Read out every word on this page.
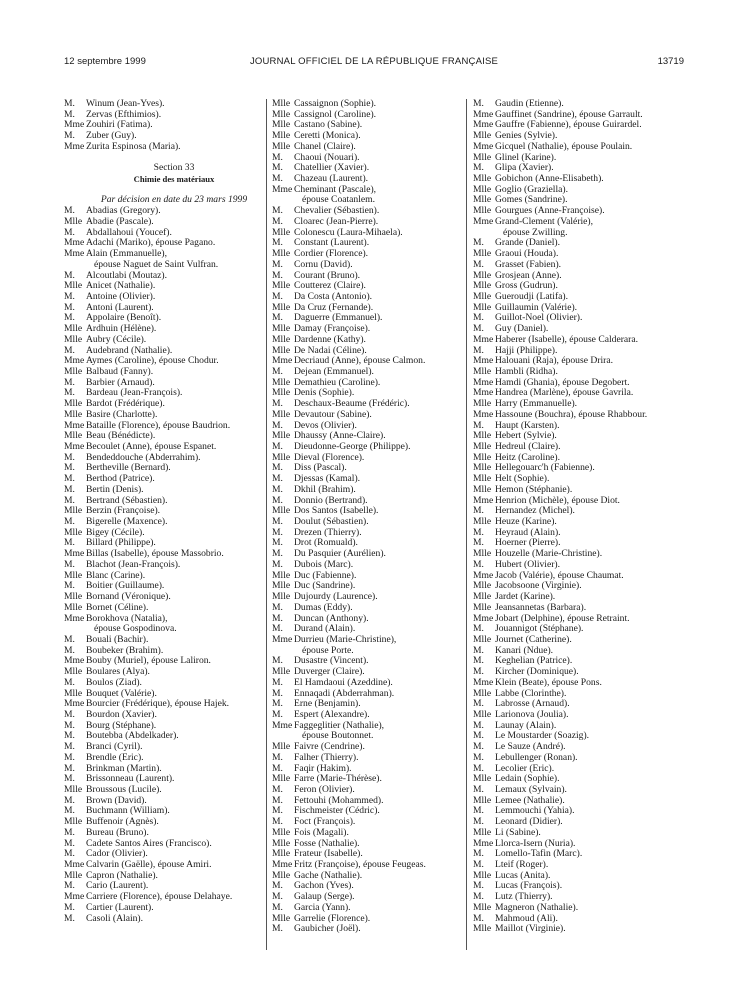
12 septembre 1999	JOURNAL OFFICIEL DE LA RÉPUBLIQUE FRANÇAISE	13719
M. Winum (Jean-Yves).
M. Zervas (Efthimios).
Mme Zouhiri (Fatima).
M. Zuber (Guy).
Mme Zurita Espinosa (Maria).
Section 33
Chimie des matériaux
Par décision en date du 23 mars 1999
M. Abadias (Gregory).
Mlle Abadie (Pascale).
M. Abdallahoui (Youcef).
Mme Adachi (Mariko), épouse Pagano.
Mme Alain (Emmanuelle),
épouse Naguet de Saint Vulfran.
M. Alcoutlabi (Moutaz).
Mlle Anicet (Nathalie).
M. Antoine (Olivier).
M. Antoni (Laurent).
M. Appolaire (Benoît).
Mlle Ardhuin (Hélène).
Mlle Aubry (Cécile).
M. Audebrand (Nathalie).
Mme Aymes (Caroline), épouse Chodur.
Mlle Balbaud (Fanny).
M. Barbier (Arnaud).
M. Bardeau (Jean-François).
Mlle Bardot (Frédérique).
Mlle Basire (Charlotte).
Mme Bataille (Florence), épouse Baudrion.
Mlle Beau (Bénédicte).
Mme Becoulet (Anne), épouse Espanet.
M. Bendeddouche (Abderrahim).
M. Bertheville (Bernard).
M. Berthod (Patrice).
M. Bertin (Denis).
M. Bertrand (Sébastien).
Mlle Berzin (Françoise).
M. Bigerelle (Maxence).
Mlle Bigey (Cécile).
M. Billard (Philippe).
Mme Billas (Isabelle), épouse Massobrio.
M. Blachot (Jean-François).
Mlle Blanc (Carine).
M. Boitier (Guillaume).
Mlle Bornand (Véronique).
Mlle Bornet (Céline).
Mme Borokhova (Natalia),
épouse Gospodinova.
M. Bouali (Bachir).
M. Boubeker (Brahim).
Mme Bouby (Muriel), épouse Laliron.
Mlle Boulares (Alya).
M. Boulos (Ziad).
Mlle Bouquet (Valérie).
Mme Bourcier (Frédérique), épouse Hajek.
M. Bourdon (Xavier).
M. Bourg (Stéphane).
M. Boutebba (Abdelkader).
M. Branci (Cyril).
M. Brendle (Eric).
M. Brinkman (Martin).
M. Brissonneau (Laurent).
Mlle Broussous (Lucile).
M. Brown (David).
M. Buchmann (William).
Mlle Buffenoir (Agnès).
M. Bureau (Bruno).
M. Cadete Santos Aires (Francisco).
M. Cador (Olivier).
Mme Calvarin (Gaëlle), épouse Amiri.
Mlle Capron (Nathalie).
M. Cario (Laurent).
Mme Carriere (Florence), épouse Delahaye.
M. Cartier (Laurent).
M. Casoli (Alain).
Mlle Cassaignon (Sophie).
Mlle Cassignol (Caroline).
Mlle Castano (Sabine).
Mlle Ceretti (Monica).
Mlle Chanel (Claire).
M. Chaoui (Nouari).
M. Chatellier (Xavier).
M. Chazeau (Laurent).
Mme Cheminant (Pascale),
épouse Coatanlem.
M. Chevalier (Sébastien).
M. Cloarec (Jean-Pierre).
Mlle Colonescu (Laura-Mihaela).
M. Constant (Laurent).
Mlle Cordier (Florence).
M. Cornu (David).
M. Courant (Bruno).
Mlle Coutterez (Claire).
M. Da Costa (Antonio).
Mlle Da Cruz (Fernande).
M. Daguerre (Emmanuel).
Mlle Damay (Françoise).
Mlle Dardenne (Kathy).
Mlle De Nadai (Céline).
Mme Decriaud (Anne), épouse Calmon.
M. Dejean (Emmanuel).
Mlle Demathieu (Caroline).
Mlle Denis (Sophie).
M. Deschaux-Beaume (Frédéric).
Mlle Devautour (Sabine).
M. Devos (Olivier).
Mlle Dhaussy (Anne-Claire).
M. Dieudonne-George (Philippe).
Mlle Dieval (Florence).
M. Diss (Pascal).
M. Djessas (Kamal).
M. Dkhil (Brahim).
M. Donnio (Bertrand).
Mlle Dos Santos (Isabelle).
M. Doulut (Sébastien).
M. Drezen (Thierry).
M. Drot (Romuald).
M. Du Pasquier (Aurélien).
M. Dubois (Marc).
Mlle Duc (Fabienne).
Mlle Duc (Sandrine).
Mlle Dujourdy (Laurence).
M. Dumas (Eddy).
M. Duncan (Anthony).
M. Durand (Alain).
Mme Durrieu (Marie-Christine),
épouse Porte.
M. Dusastre (Vincent).
Mlle Duverger (Claire).
M. El Hamdaoui (Azeddine).
M. Ennaqadi (Abderrahman).
M. Erne (Benjamin).
M. Espert (Alexandre).
Mme Faggeglitier (Nathalie),
épouse Boutonnet.
Mlle Faivre (Cendrine).
M. Falher (Thierry).
M. Faqir (Hakim).
Mlle Farre (Marie-Thérèse).
M. Feron (Olivier).
M. Fettouhi (Mohammed).
M. Fischmeister (Cédric).
M. Foct (François).
Mlle Fois (Magali).
Mlle Fosse (Nathalie).
Mlle Frateur (Isabelle).
Mme Fritz (Françoise), épouse Feugeas.
Mlle Gache (Nathalie).
M. Gachon (Yves).
M. Galaup (Serge).
M. Garcia (Yann).
Mlle Garrelie (Florence).
M. Gaubicher (Joël).
M. Gaudin (Etienne).
Mme Gauffinet (Sandrine), épouse Garrault.
Mme Gauffre (Fabienne), épouse Guirardel.
Mlle Genies (Sylvie).
Mme Gicquel (Nathalie), épouse Poulain.
Mlle Glinel (Karine).
M. Glipa (Xavier).
Mlle Gobichon (Anne-Elisabeth).
Mlle Goglio (Graziella).
Mlle Gomes (Sandrine).
Mlle Gourgues (Anne-Françoise).
Mme Grand-Clement (Valérie),
épouse Zwilling.
M. Grande (Daniel).
Mlle Graoui (Houda).
M. Grasset (Fabien).
Mlle Grosjean (Anne).
Mlle Gross (Gudrun).
Mlle Gueroudji (Latifa).
Mlle Guillaumin (Valérie).
M. Guillot-Noel (Olivier).
M. Guy (Daniel).
Mme Haberer (Isabelle), épouse Calderara.
M. Hajji (Philippe).
Mme Halouani (Raja), épouse Drira.
Mlle Hambli (Ridha).
Mme Hamdi (Ghania), épouse Degobert.
Mme Handrea (Marlène), épouse Gavrila.
Mlle Harry (Emmanuelle).
Mme Hassoune (Bouchra), épouse Rhabbour.
M. Haupt (Karsten).
Mlle Hebert (Sylvie).
Mlle Hedreul (Claire).
Mlle Heitz (Caroline).
Mlle Hellegouarc'h (Fabienne).
Mlle Helt (Sophie).
Mlle Hemon (Stéphanie).
Mme Henrion (Michèle), épouse Diot.
M. Hernandez (Michel).
Mlle Heuze (Karine).
M. Heyraud (Alain).
M. Hoerner (Pierre).
Mlle Houzelle (Marie-Christine).
M. Hubert (Olivier).
Mme Jacob (Valérie), épouse Chaumat.
Mlle Jacobsoone (Virginie).
Mlle Jardet (Karine).
Mlle Jeansannetas (Barbara).
Mme Jobart (Delphine), épouse Retraint.
M. Jouannigot (Stéphane).
Mlle Journet (Catherine).
M. Kanari (Ndue).
M. Keghelian (Patrice).
M. Kircher (Dominique).
Mme Klein (Beate), épouse Pons.
Mlle Labbe (Clorinthe).
M. Labrosse (Arnaud).
Mlle Larionova (Joulia).
M. Launay (Alain).
M. Le Moustarder (Soazig).
M. Le Sauze (André).
M. Lebullenger (Ronan).
M. Lecolier (Eric).
Mlle Ledain (Sophie).
M. Lemaux (Sylvain).
Mlle Lemee (Nathalie).
M. Lemmouchi (Yahia).
M. Leonard (Didier).
Mlle Li (Sabine).
Mme Llorca-Isern (Nuria).
M. Lomello-Tafin (Marc).
M. Lteif (Roger).
Mlle Lucas (Anita).
M. Lucas (François).
M. Lutz (Thierry).
Mlle Magneron (Nathalie).
M. Mahmoud (Ali).
Mlle Maillot (Virginie).
